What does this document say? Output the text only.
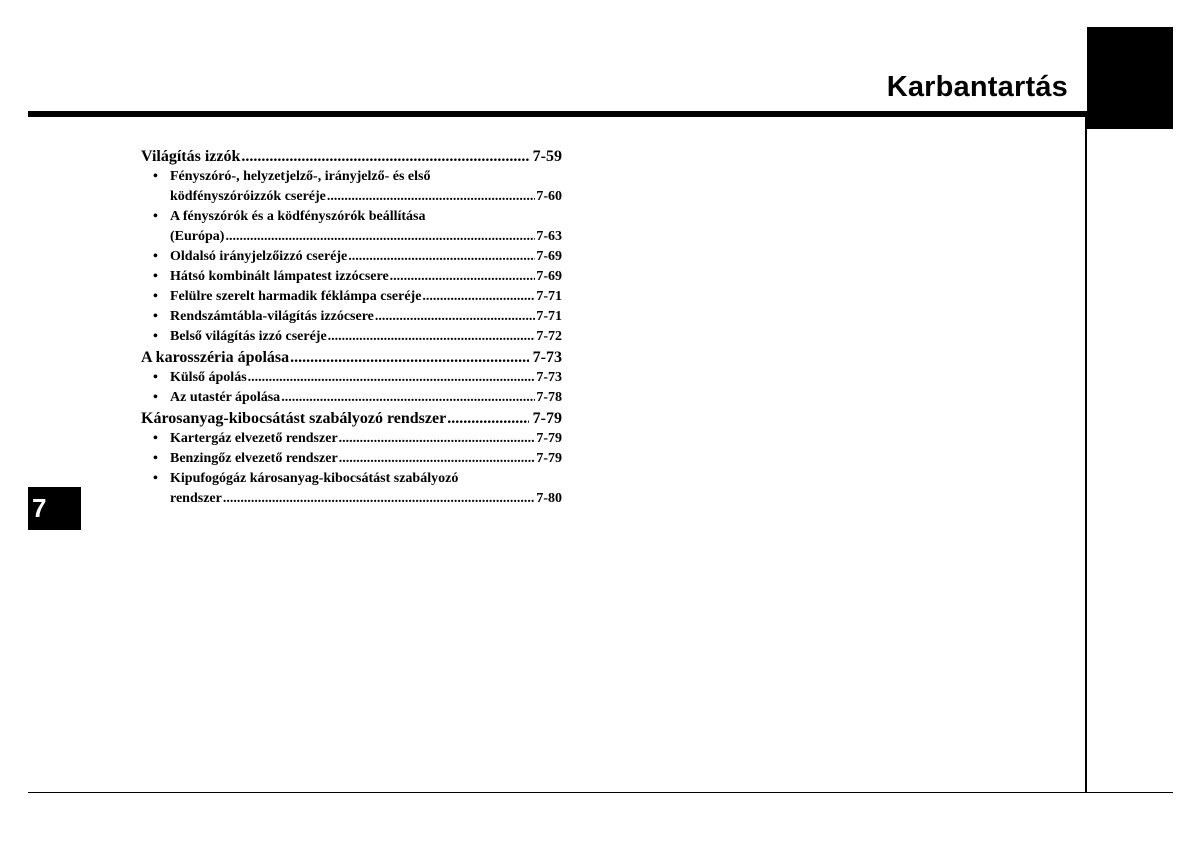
Karbantartás
7
Világítás izzók .....	7-59
• Fényszóró-, helyzetjelző-, irányjelző- és első
ködfényszóróizzók cseréje .....	7-60
• A fényszórók és a ködfényszórók beállítása
(Európa) .....	7-63
• Oldalsó irányjelzőizzó cseréje .....	7-69
• Hátsó kombinált lámpatest izzócsere .....	7-69
• Felülre szerelt harmadik féklámpa cseréje .....	7-71
• Rendszámtábla-világítás izzócsere .....	7-71
• Belső világítás izzó cseréje .....	7-72
A karosszéria ápolása .....	7-73
• Külső ápolás .....	7-73
• Az utastér ápolása .....	7-78
Károsanyag-kibocsátást szabályozó rendszer .....	7-79
• Kartergáz elvezető rendszer .....	7-79
• Benzingőz elvezető rendszer .....	7-79
• Kipufogógáz károsanyag-kibocsátást szabályozó
rendszer .....	7-80
